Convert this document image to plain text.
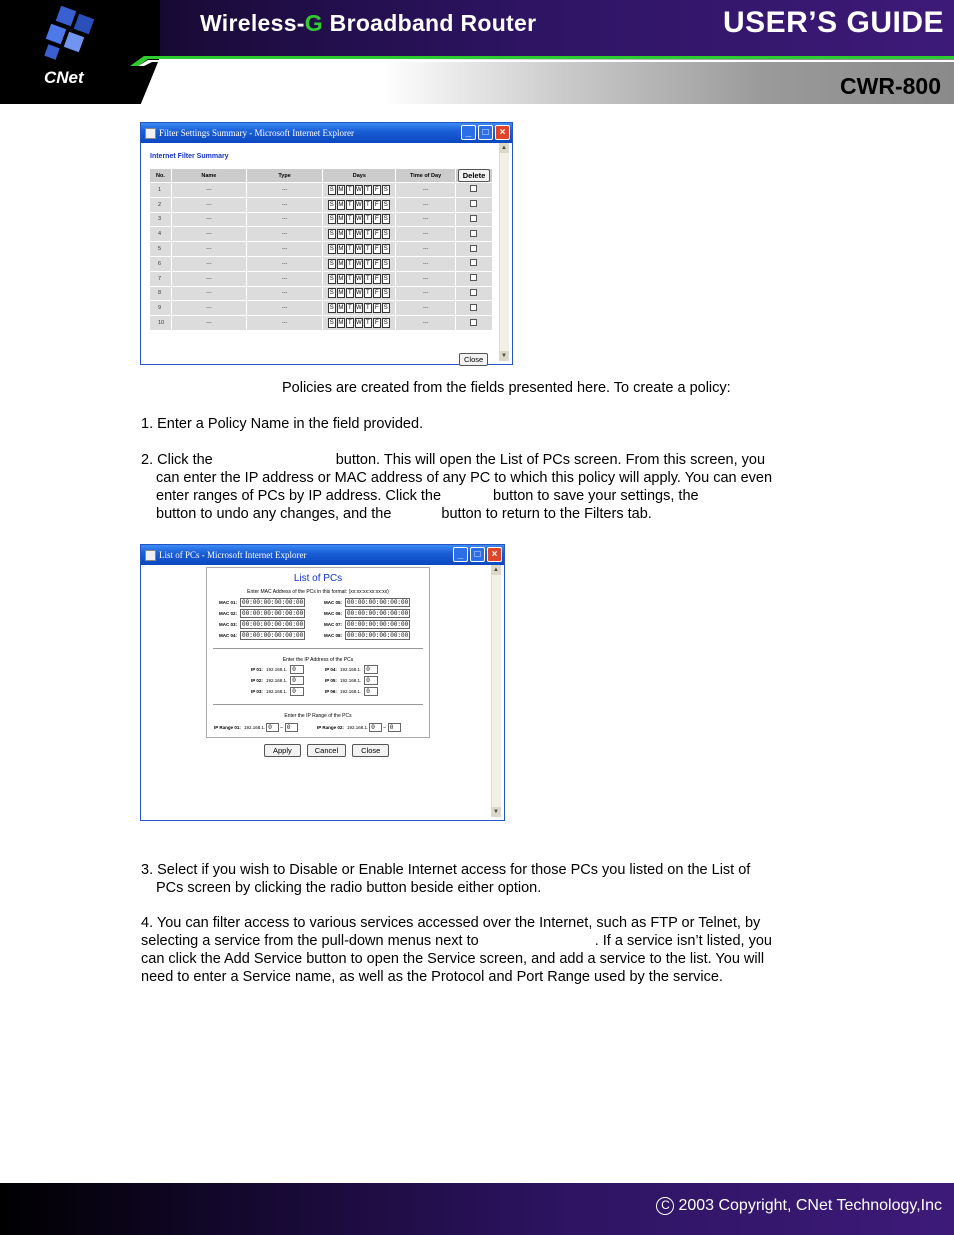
CNet
Wireless-G Broadband Router	USER’S GUIDE
CWR-800
Filter Settings Summary - Microsoft Internet Explorer	_	□	×
Internet Filter Summary
No.	Name	Type	Days	Time of Day	Delete
1	---	---	S M T W T F S	---	
2	---	---	S M T W T F S	---	
3	---	---	S M T W T F S	---	
4	---	---	S M T W T F S	---	
5	---	---	S M T W T F S	---	
6	---	---	S M T W T F S	---	
7	---	---	S M T W T F S	---	
8	---	---	S M T W T F S	---	
9	---	---	S M T W T F S	---	
10	---	---	S M T W T F S	---	
Close
▲
▼
Policies are created from the fields presented here. To create a policy:
1. Enter a Policy Name in the field provided.
2. Click the	button. This will open the List of PCs screen. From this screen, you
can enter the IP address or MAC address of any PC to which this policy will apply. You can even
enter ranges of PCs by IP address. Click the	button to save your settings, the
button to undo any changes, and the	button to return to the Filters tab.
List of PCs - Microsoft Internet Explorer	_	□	×
List of PCs
Enter MAC Address of the PCs in this format: (xx:xx:xx:xx:xx:xx)
MAC 01: 00:00:00:00:00:00	MAC 05: 00:00:00:00:00:00
MAC 02: 00:00:00:00:00:00	MAC 06: 00:00:00:00:00:00
MAC 03: 00:00:00:00:00:00	MAC 07: 00:00:00:00:00:00
MAC 04: 00:00:00:00:00:00	MAC 08: 00:00:00:00:00:00
Enter the IP Address of the PCs
IP 01: 192.168.1. 0	IP 04: 192.168.1. 0
IP 02: 192.168.1. 0	IP 05: 192.168.1. 0
IP 03: 192.168.1. 0	IP 06: 192.168.1. 0
Enter the IP Range of the PCs
IP Range 01: 192.168.1. 0	~ 0	IP Range 02: 192.168.1. 0	~ 0
Apply	Cancel	Close
▲
▼
3. Select if you wish to Disable or Enable Internet access for those PCs you listed on the List of
PCs screen by clicking the radio button beside either option.
4. You can filter access to various services accessed over the Internet, such as FTP or Telnet, by
selecting a service from the pull-down menus next to	. If a service isn’t listed, you
can click the Add Service button to open the Service screen, and add a service to the list. You will
need to enter a Service name, as well as the Protocol and Port Range used by the service.
C 2003 Copyright, CNet Technology,Inc
